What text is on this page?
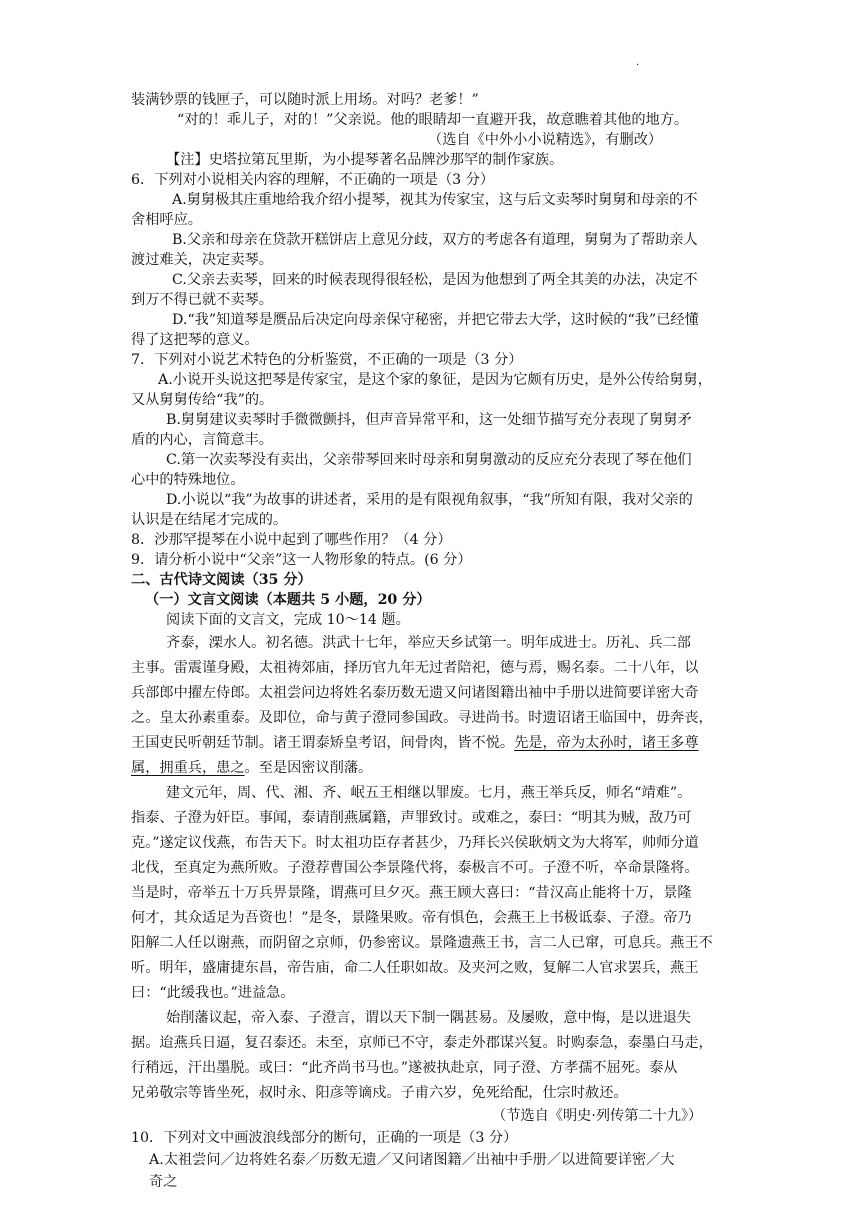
·
装满钞票的钱匣子，可以随时派上用场。对吗？老爹！”
“对的！乖儿子，对的！”父亲说。他的眼睛却一直避开我，故意瞧着其他的地方。
（选自《中外小小说精选》，有删改）
【注】史塔拉第瓦里斯，为小提琴著名品牌沙那罕的制作家族。
6．下列对小说相关内容的理解，不正确的一项是（3 分）
A.舅舅极其庄重地给我介绍小提琴，视其为传家宝，这与后文卖琴时舅舅和母亲的不
舍相呼应。
B.父亲和母亲在贷款开糕饼店上意见分歧，双方的考虑各有道理，舅舅为了帮助亲人
渡过难关，决定卖琴。
C.父亲去卖琴，回来的时候表现得很轻松，是因为他想到了两全其美的办法，决定不
到万不得已就不卖琴。
D.“我”知道琴是赝品后决定向母亲保守秘密，并把它带去大学，这时候的“我”已经懂
得了这把琴的意义。
7．下列对小说艺术特色的分析鉴赏，不正确的一项是（3 分）
A.小说开头说这把琴是传家宝，是这个家的象征，是因为它颇有历史，是外公传给舅舅，
又从舅舅传给“我”的。
B.舅舅建议卖琴时手微微颤抖，但声音异常平和，这一处细节描写充分表现了舅舅矛
盾的内心，言简意丰。
C.第一次卖琴没有卖出，父亲带琴回来时母亲和舅舅激动的反应充分表现了琴在他们
心中的特殊地位。
D.小说以“我”为故事的讲述者，采用的是有限视角叙事，“我”所知有限，我对父亲的
认识是在结尾才完成的。
8．沙那罕提琴在小说中起到了哪些作用？（4 分）
9．请分析小说中“父亲”这一人物形象的特点。(6 分）
二、古代诗文阅读（35 分）
（一）文言文阅读（本题共 5 小题，20 分）
阅读下面的文言文，完成 10～14 题。
齐泰，溧水人。初名德。洪武十七年，举应天乡试第一。明年成进士。历礼、兵二部
主事。雷震谨身殿，太祖祷郊庙，择历官九年无过者陪祀，德与焉，赐名泰。二十八年，以
兵部郎中擢左侍郎。太祖尝问边将姓名泰历数无遗又问诸图籍出袖中手册以进简要详密大奇
之。皇太孙素重泰。及即位，命与黄子澄同参国政。寻进尚书。时遗诏诸王临国中，毋奔丧，
王国吏民听朝廷节制。诸王谓泰矫皇考诏，间骨肉，皆不悦。先是，帝为太孙时，诸王多尊
属，拥重兵，患之。至是因密议削藩。
建文元年，周、代、湘、齐、岷五王相继以罪废。七月，燕王举兵反，师名“靖难”。
指泰、子澄为奸臣。事闻，泰请削燕属籍，声罪致讨。或难之，泰曰：“明其为贼，敌乃可
克。”遂定议伐燕，布告天下。时太祖功臣存者甚少，乃拜长兴侯耿炳文为大将军，帅师分道
北伐，至真定为燕所败。子澄荐曹国公李景隆代将，泰极言不可。子澄不听，卒命景隆将。
当是时，帝举五十万兵畀景隆，谓燕可旦夕灭。燕王顾大喜曰：“昔汉高止能将十万，景隆
何才，其众适足为吾资也！”是冬，景隆果败。帝有惧色，会燕王上书极诋泰、子澄。帝乃
阳解二人任以谢燕，而阴留之京师，仍参密议。景隆遗燕王书，言二人已窜，可息兵。燕王不
听。明年，盛庸捷东昌，帝告庙，命二人任职如故。及夹河之败，复解二人官求罢兵，燕王
曰：“此缓我也。”进益急。
始削藩议起，帝入泰、子澄言，谓以天下制一隅甚易。及屡败，意中悔，是以进退失
据。迨燕兵日逼，复召泰还。未至，京师已不守，泰走外郡谋兴复。时购泰急，泰墨白马走，
行稍远，汗出墨脱。或曰：“此齐尚书马也。”遂被执赴京，同子澄、方孝孺不屈死。泰从
兄弟敬宗等皆坐死，叔时永、阳彦等谪戍。子甫六岁，免死给配，仕宗时赦还。
（节选自《明史·列传第二十九》）
10．下列对文中画波浪线部分的断句，正确的一项是（3 分）
A.太祖尝问／边将姓名泰／历数无遗／又问诸图籍／出袖中手册／以进简要详密／大
奇之
